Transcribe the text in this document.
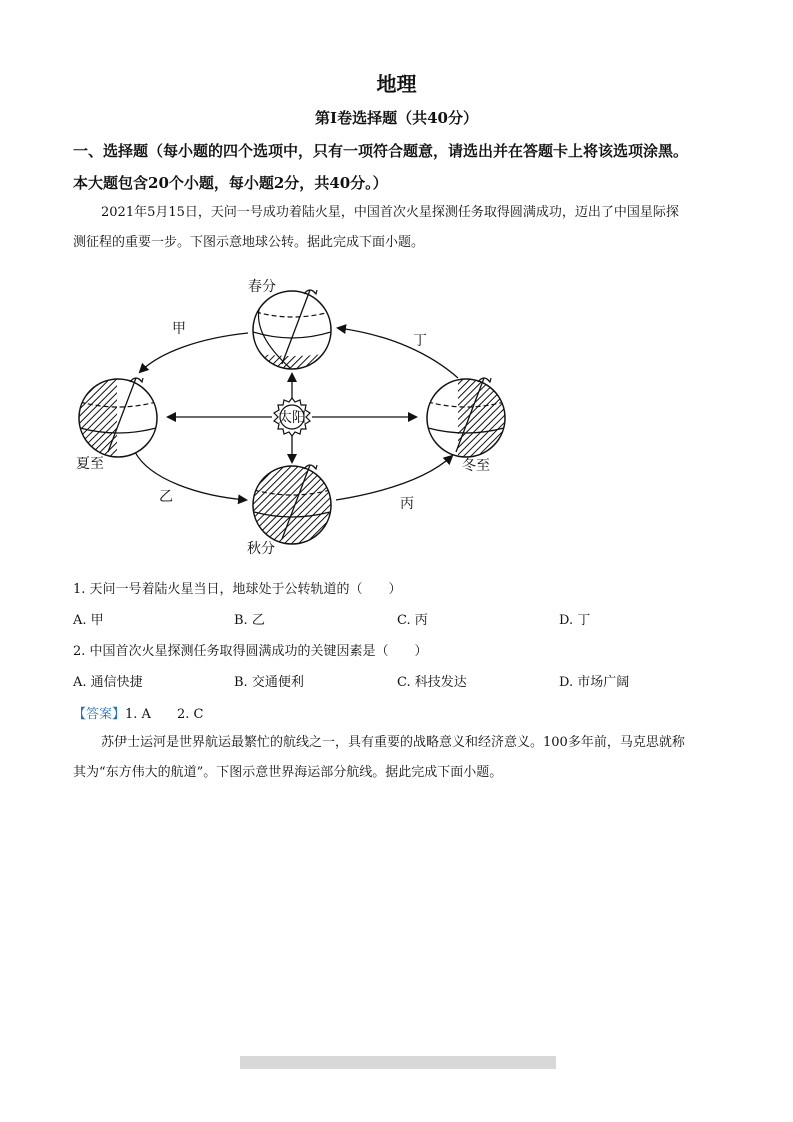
地理
第Ⅰ卷选择题（共40分）
一、选择题（每小题的四个选项中，只有一项符合题意，请选出并在答题卡上将该选项涂黑。
本大题包含20个小题，每小题2分，共40分。）
2021年5月15日，天问一号成功着陆火星，中国首次火星探测任务取得圆满成功，迈出了中国星际探
测征程的重要一步。下图示意地球公转。据此完成下面小题。
太阳
春分
夏至
秋分
冬至
甲
乙	丙
丁
1. 天问一号着陆火星当日，地球处于公转轨道的（　　）
A. 甲	B. 乙	C. 丙	D. 丁
2. 中国首次火星探测任务取得圆满成功的关键因素是（　　）
A. 通信快捷	B. 交通便利	C. 科技发达	D. 市场广阔
【答案】1. A　　2. C
苏伊士运河是世界航运最繁忙的航线之一，具有重要的战略意义和经济意义。100多年前，马克思就称
其为“东方伟大的航道”。下图示意世界海运部分航线。据此完成下面小题。
